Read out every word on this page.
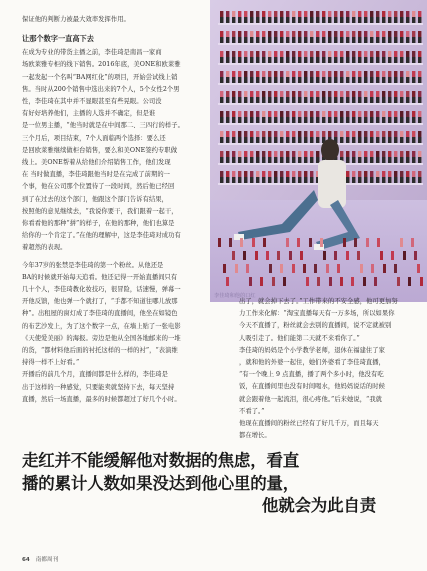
保证他的判断力被最大效率发挥作用。
让那个数字一直高下去
在成为专业的带货主播之前，李佳琦是南昌一家商
场欧莱雅专柜的线下销售。2016年底，美ONE和欧莱雅
一起发起一个名叫“BA网红化”的项目，开始尝试线上销
售。当时从200个销售中选出来的7个人，5个女性2个男
性，李佳琦在其中并不显眼甚至有些晃眼。公司没
有好好培养他们，主播的人选并不确定，但是谁
是一位男主播，“他当时就是在中间那二、三四行的样子。
三个月后，项目结束，7个人面临两个选择：要么还
是回欧莱雅继续做柜台销售，要么和美ONE签约专职做
线上。美ONE帮着从给他们介绍销售工作，他们发现
在 当时做直播，李佳琦跟他当时是在完成了前期的一
个事，他在公司那个位置待了一段时间，然后他已经回
到了在过去的这个部门，他跟这个部门告诉有结果，
按照他的意见继续去，“我说你要干，我们跟着一起干，
你看看他的那种“拼”的样子，在他的那种，他们也算是
给你的一个肯定了。”在他的理解中，这是李佳琦对成功有
着超然的表现。
今年37岁的张禁是李佳琦的第一个粉丝。从他还是
BA的时候就开始每天追看。他还记得一开始直播间只有
几十个人，李佳琦教化妆技巧，很冒险，话速慢，弹幕一
开他反馈，他也弹一个就打了，“手都不知道往哪儿放那
种”。出租屋的窗灯成了李佳琦的直播间，他坐在如镜色
的布艺沙发上，为了这个数字一点，在墙上贴了一张电影
《天使爱美丽》的海报。旁边是他从全国各地邮来的一堆
的货，“都材料他后面的衬托这样的一样的衬”，“表演维
持得一样不上好看。”
开播后的前几个月，直播间都是什么样的，李佳琦是
出于这样的一种感觉，只要能卖就坚持下去，每天坚持
直播，然后一场直播，最多的时候都超过了好几个小时。
李佳琦和他的口红
出了，就会掉下去了。”工作带来的不安全感，他可更加努
力工作来化解：“淘宝直播每天有一万多场，所以如果你
今天不直播了，粉丝就会去别的直播间，说不定就被别
人吸引走了。他们能第二天就不来看你了。”
李佳琦的妈妈是个小学教学老师，退休在福建住了家
，就和他的外婆一起住，她们外婆看了李佳琦直播，
“有一个晚上 9 点直播，播了两个多小时，他没有吃
饭，在直播间里也没有时间喝水，他妈妈说话的时候
就会跟着他一起流泪，很心疼他。”后来她说，“我就
不看了。”
他现在直播间的粉丝已经有了好几千万，而且每天
都在增长。
走红并不能缓解他对数据的焦虑，看直
播的累计人数如果没达到他心里的量，
他就会为此自责
64 南都周刊
